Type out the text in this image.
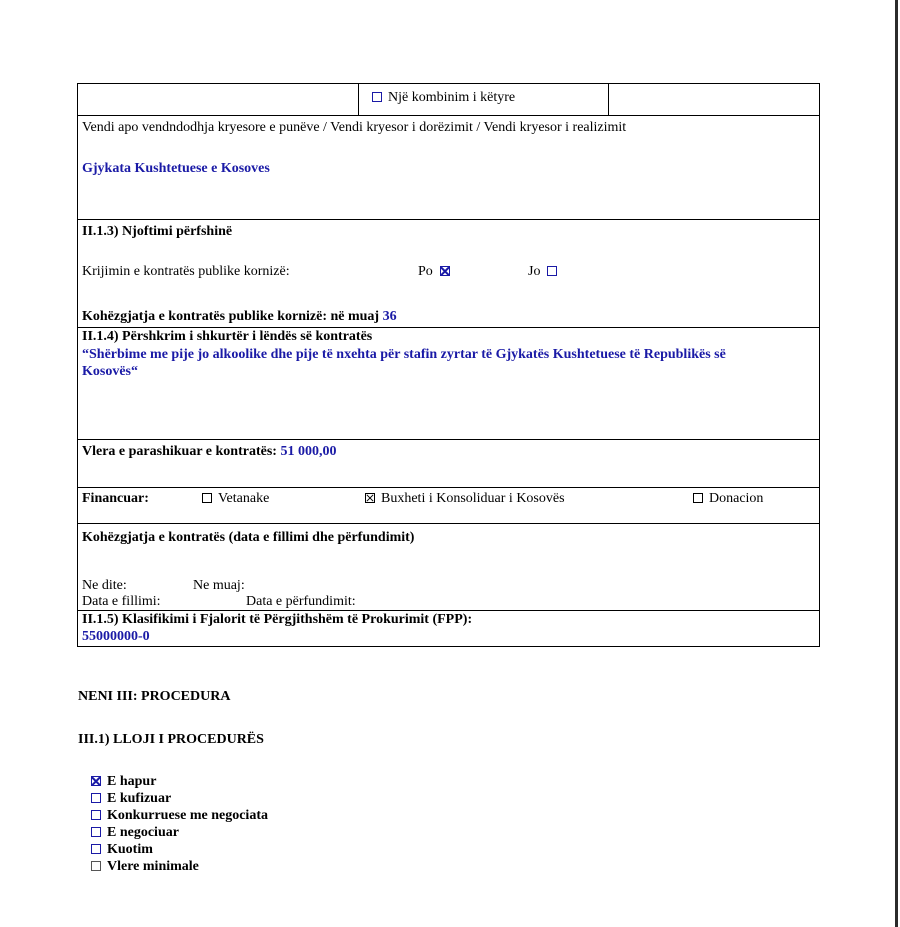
Një kombinim i këtyre
Vendi apo vendndodhja kryesore e punëve / Vendi kryesor i dorëzimit / Vendi kryesor i realizimit
Gjykata Kushtetuese e Kosoves
II.1.3) Njoftimi përfshinë
Krijimin e kontratës publike kornizë:	Po	Jo
Kohëzgjatja e kontratës publike kornizë: në muaj 36
II.1.4) Përshkrim i shkurtër i lëndës së kontratës
“Shërbime me pije jo alkoolike dhe pije të nxehta për stafin zyrtar të Gjykatës Kushtetuese të Republikës së Kosovës“
Vlera e parashikuar e kontratës: 51 000,00
Financuar:	Vetanake	Buxheti i Konsoliduar i Kosovës	Donacion
Kohëzgjatja e kontratës (data e fillimi dhe përfundimit)
Ne dite:	Ne muaj:
Data e fillimi:	Data e përfundimit:
II.1.5) Klasifikimi i Fjalorit të Përgjithshëm të Prokurimit (FPP):
55000000-0
NENI III: PROCEDURA
III.1) LLOJI I PROCEDURËS
E hapur
E kufizuar
Konkurruese me negociata
E negociuar
Kuotim
Vlere minimale
